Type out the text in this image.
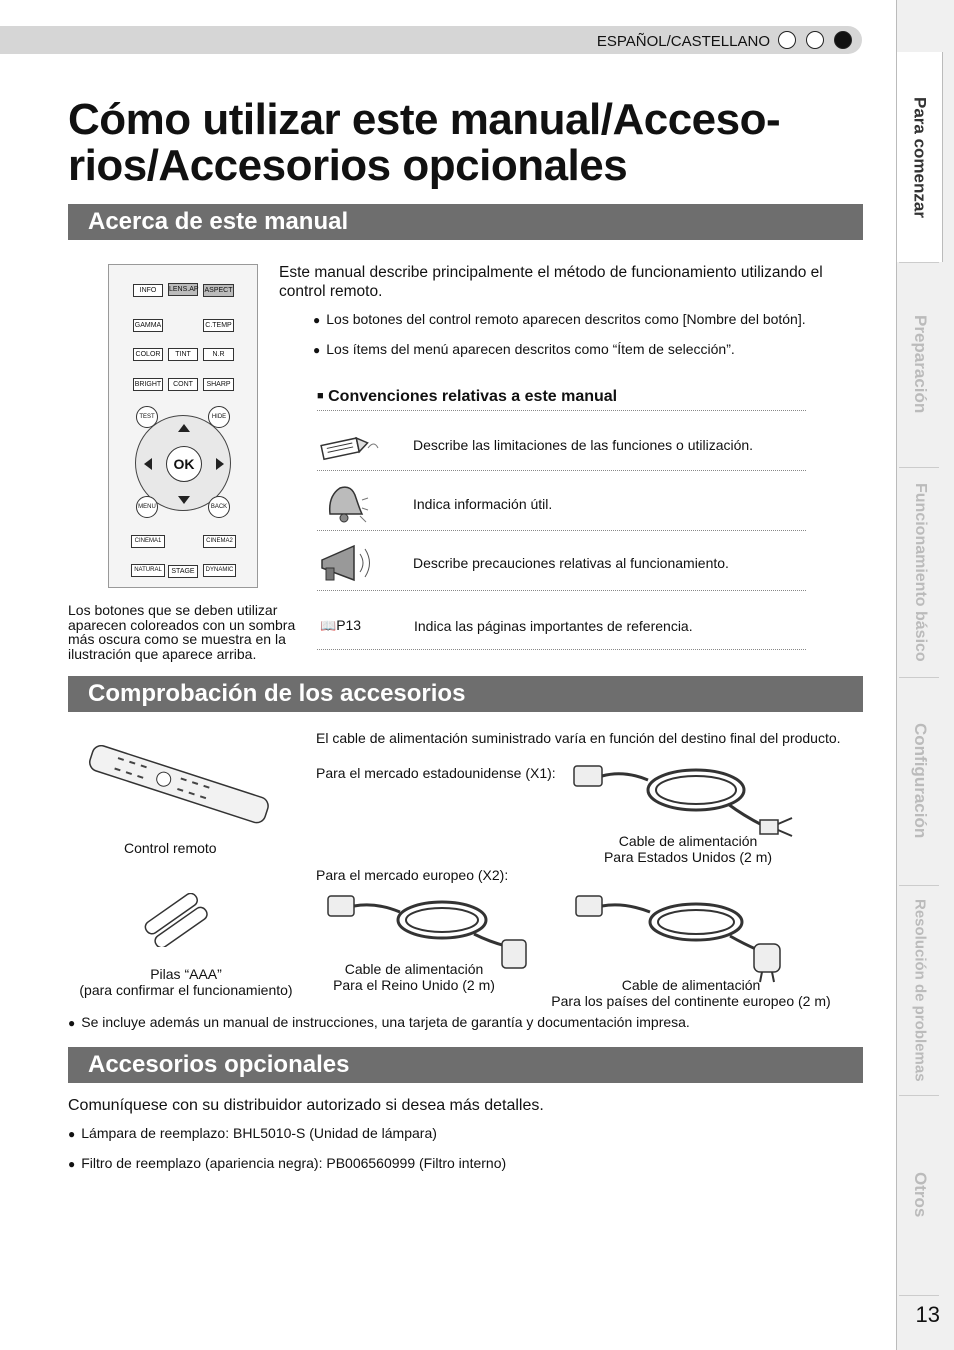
ESPAÑOL/CASTELLANO
Cómo utilizar este manual/Acceso-
rios/Accesorios opcionales
Acerca de este manual
INFO	LENS.AP ASPECT
GAMMA	C.TEMP
COLOR	TINT	N.R
BRIGHT	CONT	SHARP
TEST	HIDE
OK
MENU	BACK
CINEMA1	CINEMA2
NATURAL	STAGE	DYNAMIC
Los botones que se deben utilizar aparecen coloreados con un sombra más oscura como se muestra en la ilustración que aparece arriba.
Este manual describe principalmente el método de funcionamiento utilizando el control remoto.
● Los botones del control remoto aparecen descritos como [Nombre del botón].
● Los ítems del menú aparecen descritos como “Ítem de selección”.
■ Convenciones relativas a este manual
Describe las limitaciones de las funciones o utilización.
Indica información útil.
Describe precauciones relativas al funcionamiento.
📖P13	Indica las páginas importantes de referencia.
Comprobación de los accesorios
Control remoto
Pilas “AAA”
(para confirmar el funcionamiento)
El cable de alimentación suministrado varía en función del destino final del producto.
Para el mercado estadounidense (X1):
Cable de alimentación
Para Estados Unidos (2 m)
Para el mercado europeo (X2):
Cable de alimentación
Para el Reino Unido (2 m)	Cable de alimentación
Para los países del continente europeo (2 m)
● Se incluye además un manual de instrucciones, una tarjeta de garantía y documentación impresa.
Accesorios opcionales
Comuníquese con su distribuidor autorizado si desea más detalles.
● Lámpara de reemplazo: BHL5010-S (Unidad de lámpara)
● Filtro de reemplazo (apariencia negra): PB006560999 (Filtro interno)
Para comenzar
Preparación
Funcionamiento básico
Configuración
Resolución de problemas
Otros
13
